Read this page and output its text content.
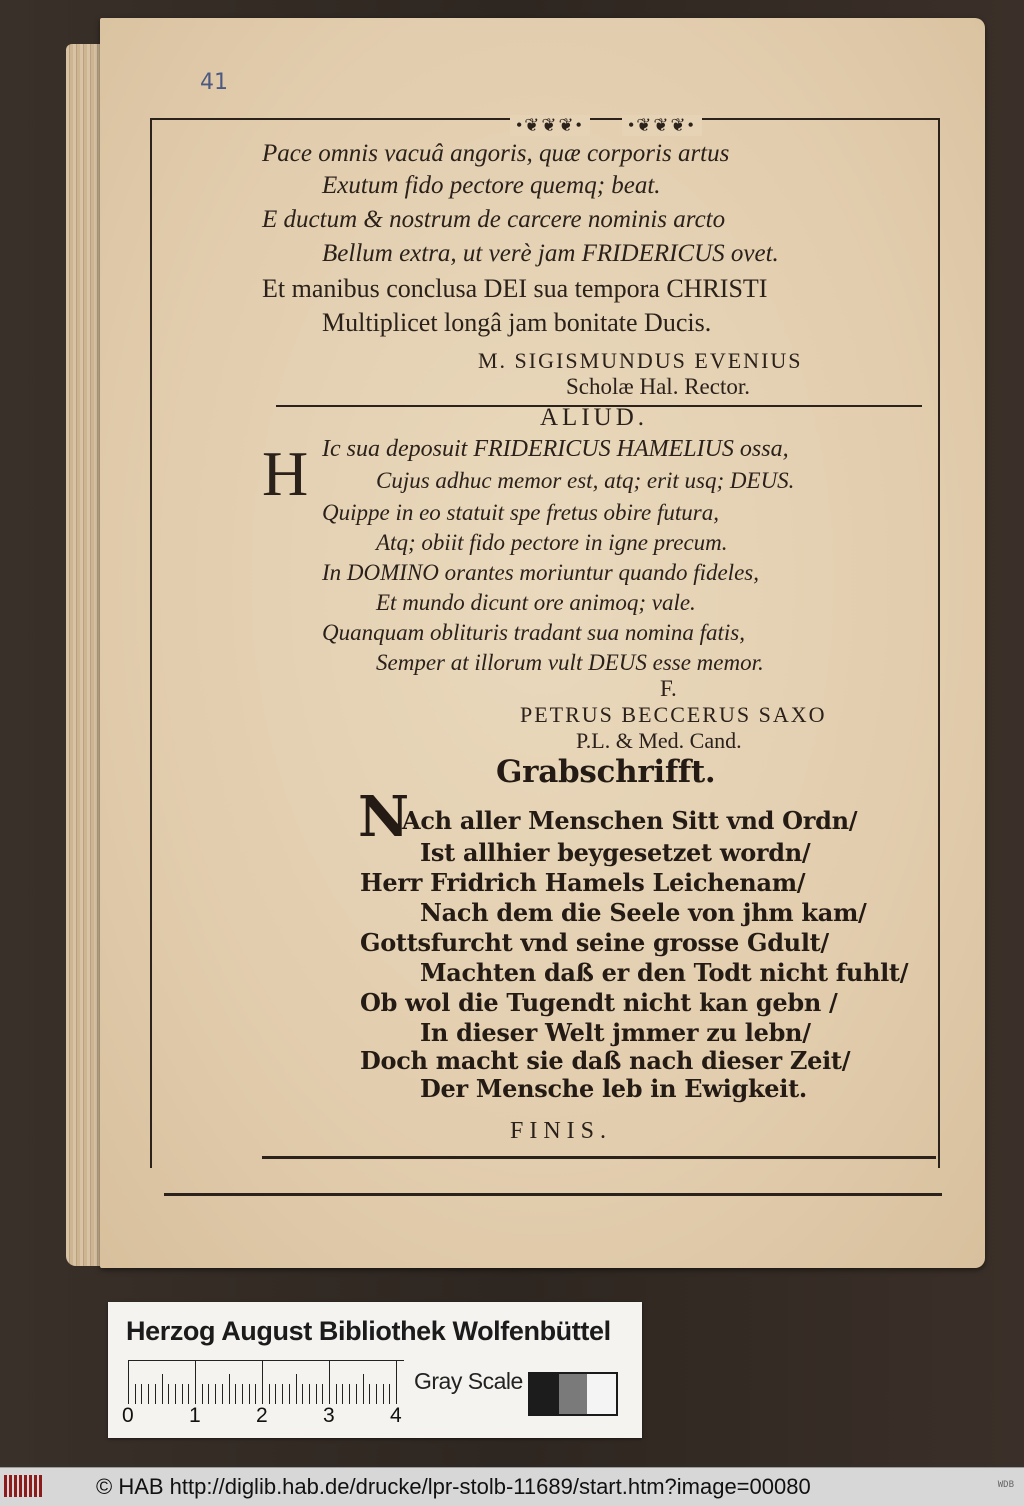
41
•❦❦❦•	•❦❦❦•
Pace omnis vacuâ angoris, quæ corporis artus
Exutum fido pectore quemq; beat.
E ductum & nostrum de carcere nominis arcto
Bellum extra, ut verè jam FRIDERICUS ovet.
Et manibus conclusa DEI sua tempora CHRISTI
Multiplicet longâ jam bonitate Ducis.
M. SIGISMUNDUS EVENIUS
Scholæ Hal. Rector.
ALIUD.
H Ic sua deposuit FRIDERICUS HAMELIUS ossa,
Cujus adhuc memor est, atq; erit usq; DEUS.
Quippe in eo statuit spe fretus obire futura,
Atq; obiit fido pectore in igne precum.
In DOMINO orantes moriuntur quando fideles,
Et mundo dicunt ore animoq; vale.
Quanquam oblituris tradant sua nomina fatis,
Semper at illorum vult DEUS esse memor.
F.
PETRUS BECCERUS SAXO
P.L. & Med. Cand.
Grabschrifft.
N
Ach aller Menschen Sitt vnd Ordn/
Ist allhier beygesetzet wordn/
Herr Fridrich Hamels Leichenam/
Nach dem die Seele von jhm kam/
Gottsfurcht vnd seine grosse Gdult/
Machten daß er den Todt nicht fuhlt/
Ob wol die Tugendt nicht kan gebn /
In dieser Welt jmmer zu lebn/
Doch macht sie daß nach dieser Zeit/
Der Mensche leb in Ewigkeit.
FINIS.
Herzog August Bibliothek Wolfenbüttel
0	1	2	3	4
Gray Scale
© HAB http://diglib.hab.de/drucke/lpr-stolb-11689/start.htm?image=00080	WDB
